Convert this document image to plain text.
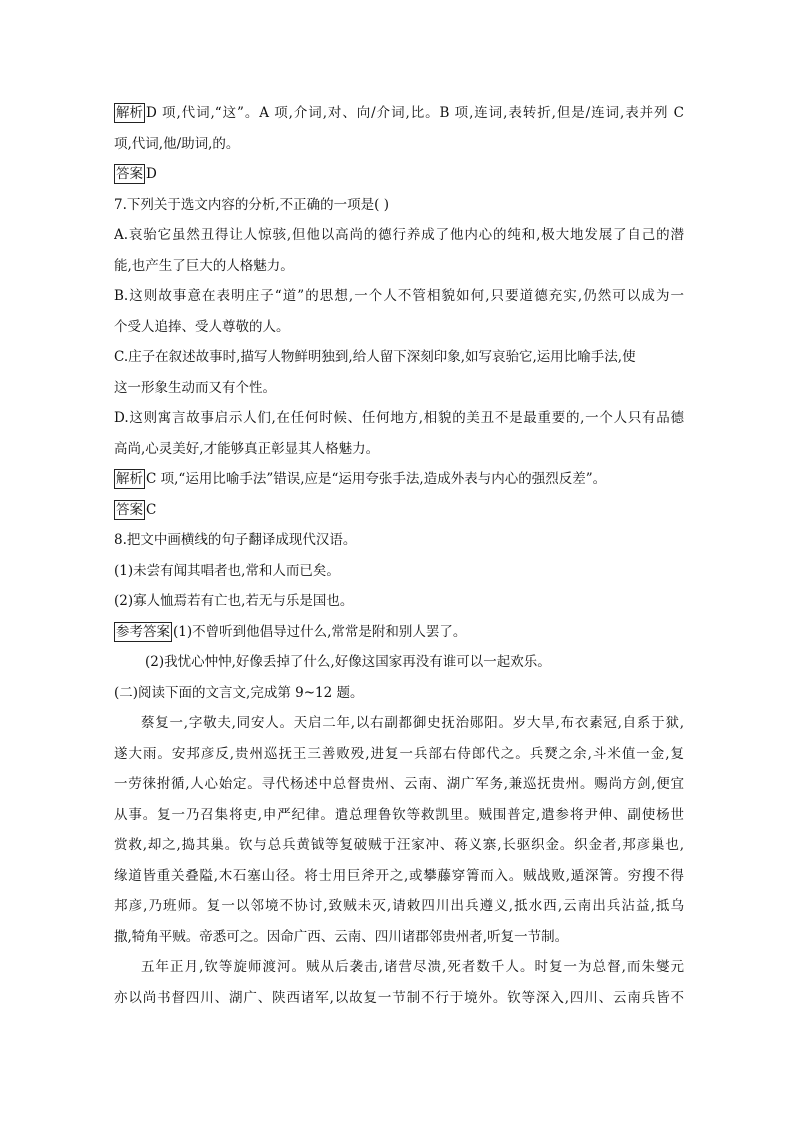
解析 D 项,代词,“这”。A 项,介词,对、向/介词,比。B 项,连词,表转折,但是/连词,表并列 C
项,代词,他/助词,的。
答案 D
7.下列关于选文内容的分析,不正确的一项是( )
A.哀骀它虽然丑得让人惊骇,但他以高尚的德行养成了他内心的纯和,极大地发展了自己的潜
能,也产生了巨大的人格魅力。
B.这则故事意在表明庄子“道”的思想,一个人不管相貌如何,只要道德充实,仍然可以成为一
个受人追捧、受人尊敬的人。
C.庄子在叙述故事时,描写人物鲜明独到,给人留下深刻印象,如写哀骀它,运用比喻手法,使
这一形象生动而又有个性。
D.这则寓言故事启示人们,在任何时候、任何地方,相貌的美丑不是最重要的,一个人只有品德
高尚,心灵美好,才能够真正彰显其人格魅力。
解析 C 项,“运用比喻手法”错误,应是“运用夸张手法,造成外表与内心的强烈反差”。
答案 C
8.把文中画横线的句子翻译成现代汉语。
(1)未尝有闻其唱者也,常和人而已矣。
(2)寡人恤焉若有亡也,若无与乐是国也。
参考答案 (1)不曾听到他倡导过什么,常常是附和别人罢了。
(2)我忧心忡忡,好像丢掉了什么,好像这国家再没有谁可以一起欢乐。
(二)阅读下面的文言文,完成第 9~12 题。
蔡复一,字敬夫,同安人。天启二年,以右副都御史抚治郧阳。岁大旱,布衣素冠,自系于狱,
遂大雨。安邦彦反,贵州巡抚王三善败殁,进复一兵部右侍郎代之。兵燹之余,斗米值一金,复
一劳徕拊循,人心始定。寻代杨述中总督贵州、云南、湖广军务,兼巡抚贵州。赐尚方剑,便宜
从事。复一乃召集将吏,申严纪律。遣总理鲁钦等救凯里。贼围普定,遣参将尹伸、副使杨世
赏救,却之,捣其巢。钦与总兵黄钺等复破贼于汪家冲、蒋义寨,长驱织金。织金者,邦彦巢也,
缘道皆重关叠隘,木石塞山径。将士用巨斧开之,或攀藤穿箐而入。贼战败,遁深箐。穷搜不得
邦彦,乃班师。复一以邻境不协讨,致贼未灭,请敕四川出兵遵义,抵水西,云南出兵沾益,抵乌
撒,犄角平贼。帝悉可之。因命广西、云南、四川诸郡邻贵州者,听复一节制。
五年正月,钦等旋师渡河。贼从后袭击,诸营尽溃,死者数千人。时复一为总督,而朱燮元
亦以尚书督四川、湖广、陕西诸军,以故复一节制不行于境外。钦等深入,四川、云南兵皆不
